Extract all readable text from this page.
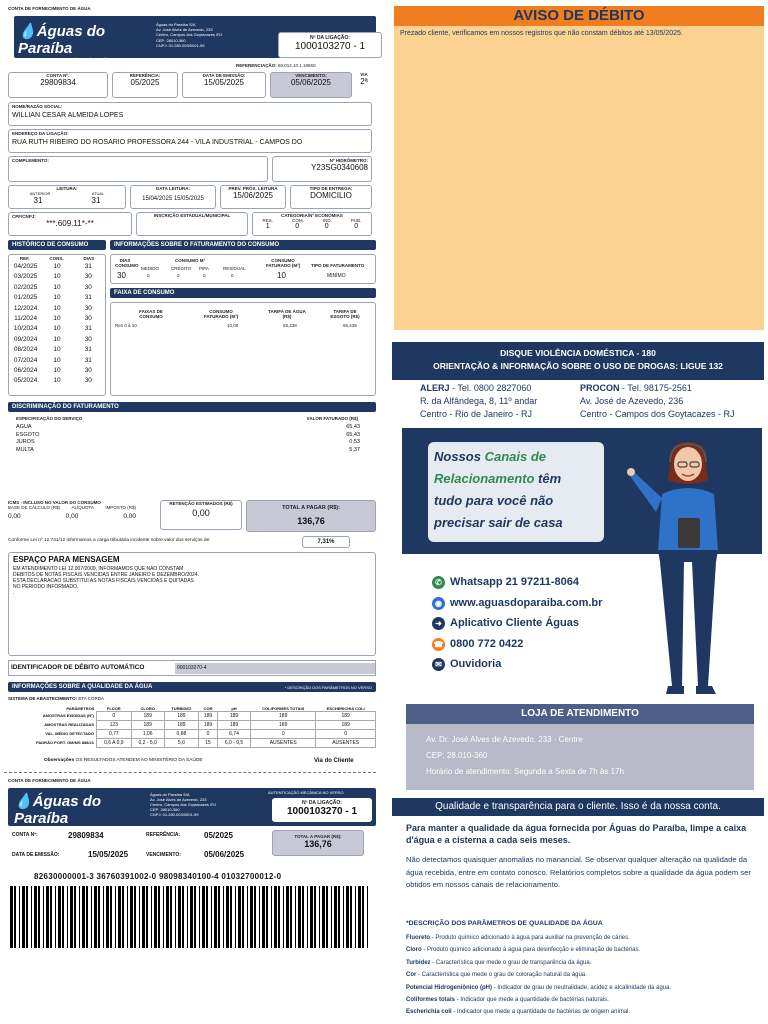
CONTA DE FORNECIMENTO DE ÁGUA
💧Águas do Paraíba
Grupo Águas do Brasil
Águas do Paraíba S/A
Av. José Alves de Azevedo, 233
Centro, Campos dos Goytacazes /RJ
CEP: 28010-360
CNPJ: 01.280.003/0001-99
Nº DA LIGAÇÃO:
1000103270 - 1
REFERENCIAÇÃO: 60.014.10.1.18660
CONTA Nº:
29809834
REFERÊNCIA:
05/2025
DATA DE EMISSÃO:
15/05/2025
VENCIMENTO:
05/06/2025
VIA
2ª
NOME/RAZÃO SOCIAL:
WILLIAN CESAR ALMEIDA LOPES
ENDEREÇO DA LIGAÇÃO:
RUA RUTH RIBEIRO DO ROSARIO PROFESSORA 244 - VILA INDUSTRIAL - CAMPOS DO
COMPLEMENTO:	Nº HIDRÔMETRO:
Y23SG0340608
LEITURA:
ANTERIOR	ATUAL
31	31
DATA LEITURA:
15/04/2025 15/05/2025
PREV. PRÓX. LEITURA
15/06/2025
TIPO DE ENTREGA:
DOMICILIO
CPF/CNPJ:
***.609.11*-**
INSCRIÇÃO ESTADUAL/MUNICIPAL	CATEGORIA/Nº ECONOMIAS
RES.	COM.	IND.	PUB.
1	0	0	0
HISTÓRICO DE CONSUMO
REF.	CONS.	DIAS
04/2025	10	31
03/2025	10	30
02/2025	10	30
01/2025	10	31
12/2024	10	30
11/2024	10	30
10/2024	10	31
09/2024	10	30
08/2024	10	31
07/2024	10	31
06/2024	10	30
05/2024	10	30
INFORMAÇÕES SOBRE O FATURAMENTO DO CONSUMO
DIAS CONSUMO
30
CONSUMO M³
MEDIDO
0
CRÉDITO
0
PIPA
0
RESIDUAL
0
CONSUMO FATURADO (M³)
10
TIPO DE FATURAMENTO
MINIMO
FAIXA DE CONSUMO
FAIXAS DE CONSUMO
CONSUMO FATURADO (M³)
TARIFA DE ÁGUA (R$)
TARIFA DE ESGOTO (R$)
Res 0 à 10	10,00	65,438	65,438
DISCRIMINAÇÃO DO FATURAMENTO
ESPECIFICAÇÃO DO SERVIÇO	VALOR FATURADO (R$)
AGUA	65,43
ESGOTO	65,43
JUROS	0,53
MULTA	5,37
ICMS - INCLUSO NO VALOR DO CONSUMO
BASE DE CÁLCULO (R$)	ALÍQUOTA	IMPOSTO (R$)
0,00	0,00	0,00
RETENÇÃO ESTIMADOS (R$)
0,00	TOTAL A PAGAR (R$):
136,76
Conforme Lei nº 12.741/12 informamos a carga tributária incidente sobre valor dos serviços de:	7,31%
ESPAÇO PARA MENSAGEM
EM ATENDIMENTO LEI 12.007/2009, INFORMAMOS QUE NAO CONSTAM
DEBITOS DE NOTAS FISCAIS VENCIDAS ENTRE JANEIRO E DEZEMBRO/2024.
ESTA DECLARACAO SUBSTITUI AS NOTAS FISCAIS VENCIDAS E QUITADAS
NO PERIODO INFORMADO.
.
IDENTIFICADOR DE DÉBITO AUTOMÁTICO	000103270-4
INFORMAÇÕES SOBRE A QUALIDADE DA ÁGUA	* DESCRIÇÃO DOS PARÂMETROS NO VERSO
SISTEMA DE ABASTECIMENTO: ETA CORDA
PARÂMETROS	FLÚOR	CLORO	TURBIDEZ	COR	pH	COLIFORMES TOTAIS	ESCHERICHIA COLI
AMOSTRAS EXIGIDAS (Nº)	0	189	189	189	189	189	189
AMOSTRAS REALIZADAS	123	189	189	189	189	189	189
VAL. MÉDIO DETECTADO	0,77	1,06	0,88	0	6,74	0	0
PADRÃO PORT. GM/MS 888/21	0,6 A 0,9	0,2 - 5,0	5,0	15	6,0 - 9,5	AUSENTES	AUSENTES
Observações OS RESULTADOS ATENDEM AO MINISTÉRIO DA SAÚDE	Via do Cliente
CONTA DE FORNECIMENTO DE ÁGUA
💧Águas do Paraíba
Grupo Águas do Brasil
Águas do Paraíba S/A
Av. José Alves de Azevedo, 233
Centro, Campos dos Goytacazes /RJ
CEP: 28010-360
CNPJ: 01.280.003/0001-99
AUTENTICAÇÃO MECÂNICA NO VERSO
Nº DA LIGAÇÃO:
1000103270 - 1
CONTA Nº:	29809834	REFERÊNCIA:	05/2025
DATA DE EMISSÃO:	15/05/2025	VENCIMENTO:	05/06/2025
TOTAL A PAGAR (R$):
136,76
82630000001-3 36760391002-0 98098340100-4 01032700012-0
AVISO DE DÉBITO
Prezado cliente, verificamos em nossos registros que não constam débitos até 13/05/2025.
DISQUE VIOLÊNCIA DOMÉSTICA - 180
ORIENTAÇÃO & INFORMAÇÃO SOBRE O USO DE DROGAS: LIGUE 132
ALERJ - Tel. 0800 2827060
R. da Alfândega, 8, 11º andar
Centro - Rio de Janeiro - RJ
PROCON - Tel. 98175-2561
Av. José de Azevedo, 236
Centro - Campos dos Goytacazes - RJ
Nossos Canais de
Relacionamento têm
tudo para você não
precisar sair de casa
✆ Whatsapp 21 97211-8064
◉ www.aguasdoparaiba.com.br
➜ Aplicativo Cliente Águas
☎ 0800 772 0422
✉ Ouvidoria
LOJA DE ATENDIMENTO
Av. Dr. José Alves de Azevedo, 233 - Centre
CEP: 28.010-360
Horário de atendimento: Segunda a Sexta de 7h às 17h
Qualidade e transparência para o cliente. Isso é da nossa conta.
Para manter a qualidade da água fornecida por Águas do Paraíba, limpe a caixa d'água e a cisterna a cada seis meses.
Não detectamos quaisquer anomalias no manancial. Se observar qualquer alteração na qualidade da água recebida, entre em contato conosco. Relatórios completos sobre a qualidade da água podem ser obtidos em nossos canais de relacionamento.
*DESCRIÇÃO DOS PARÂMETROS DE QUALIDADE DA ÁGUA
Fluoreto - Produto químico adicionado à água para auxiliar na prevenção de cáries.
Cloro - Produto químico adicionado à água para desinfecção e eliminação de bactérias.
Turbidez - Característica que mede o grau de transparência da água.
Cor - Característica que mede o grau de coloração natural da água.
Potencial Hidrogeniônico (pH) - Indicador de grau de neutralidade, acidez e alcalinidade da água.
Coliformes totais - Indicador que mede a quantidade de bactérias naturais.
Escherichia coli - Indicador que mede a quantidade de bactérias de origem animal.
